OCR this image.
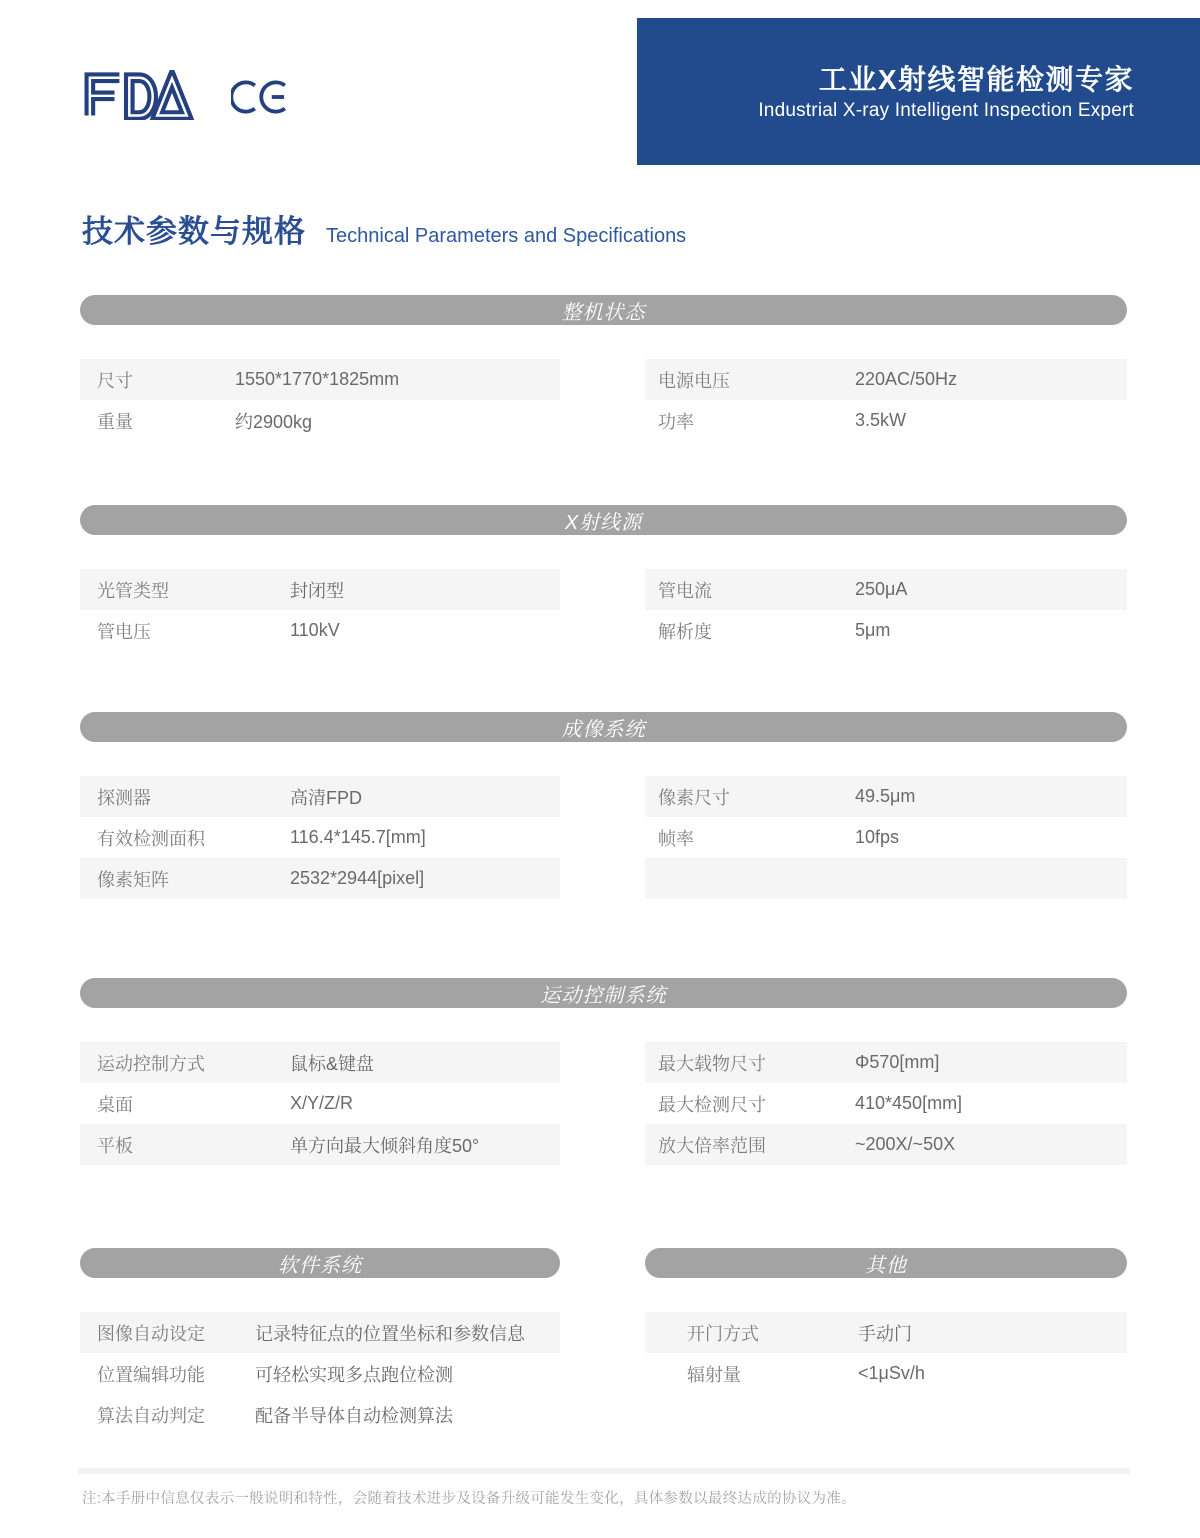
工业X射线智能检测专家
Industrial X-ray Intelligent Inspection Expert
技术参数与规格 Technical Parameters and Specifications
整机状态
尺寸	1550*1770*1825mm
重量	约2900kg
电源电压	220AC/50Hz
功率	3.5kW
X射线源
光管类型	封闭型
管电压	110kV
管电流	250μA
解析度	5μm
成像系统
探测器	高清FPD
有效检测面积	116.4*145.7[mm]
像素矩阵	2532*2944[pixel]
像素尺寸	49.5μm
帧率	10fps
运动控制系统
运动控制方式	鼠标&键盘
桌面	X/Y/Z/R
平板	单方向最大倾斜角度50°
最大载物尺寸	Φ570[mm]
最大检测尺寸	410*450[mm]
放大倍率范围	~200X/~50X
软件系统
图像自动设定	记录特征点的位置坐标和参数信息
位置编辑功能	可轻松实现多点跑位检测
算法自动判定	配备半导体自动检测算法
其他
开门方式	手动门
辐射量	<1μSv/h
注:本手册中信息仅表示一般说明和特性，会随着技术进步及设备升级可能发生变化，具体参数以最终达成的协议为准。
